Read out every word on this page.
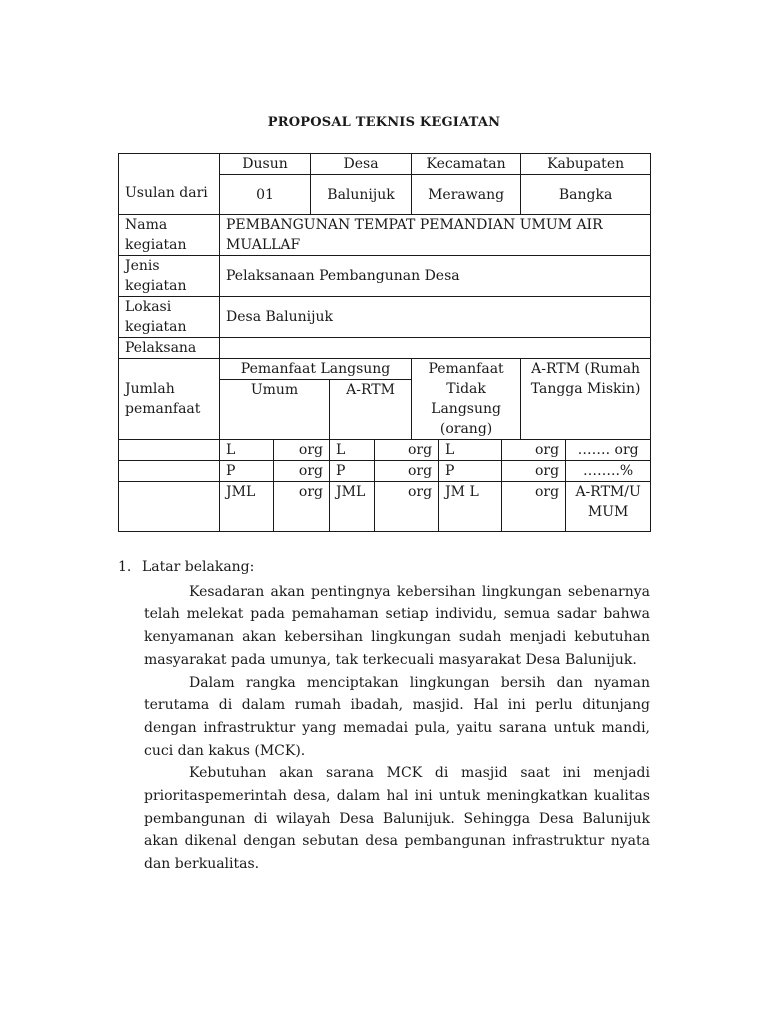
PROPOSAL TEKNIS KEGIATAN
Usulan dari	Dusun		Desa			Kecamatan			Kabupaten	
	01		Balunijuk			Merawang			Bangka	
Nama kegiatan	PEMBANGUNAN TEMPAT PEMANDIAN UMUM AIR MUALLAF									
Jenis kegiatan	Pelaksanaan Pembangunan Desa									
Lokasi kegiatan	Desa Balunijuk									
Pelaksana										
Jumlah pemanfaat	Pemanfaat Langsung					Pemanfaat Tidak Langsung (orang)			A-RTM (Rumah Tangga Miskin)	
	Umum			A-RTM						

	L	org		L	org		L	org		……. org
	P	org		P	org		P	org		……..%
	JML	org		JML	org		JM L	org		A-RTM/UMUM

1. Latar belakang:

Kesadaran akan pentingnya kebersihan lingkungan sebenarnya telah melekat pada pemahaman setiap individu, semua sadar bahwa kenyamanan akan kebersihan lingkungan sudah menjadi kebutuhan masyarakat pada umunya, tak terkecuali masyarakat Desa Balunijuk.

Dalam rangka menciptakan lingkungan bersih dan nyaman terutama di dalam rumah ibadah, masjid. Hal ini perlu ditunjang dengan infrastruktur yang memadai pula, yaitu sarana untuk mandi, cuci dan kakus (MCK).

Kebutuhan akan sarana MCK di masjid saat ini menjadi prioritaspemerintah desa, dalam hal ini untuk meningkatkan kualitas pembangunan di wilayah Desa Balunijuk. Sehingga Desa Balunijuk akan dikenal dengan sebutan desa pembangunan infrastruktur nyata dan berkualitas.
